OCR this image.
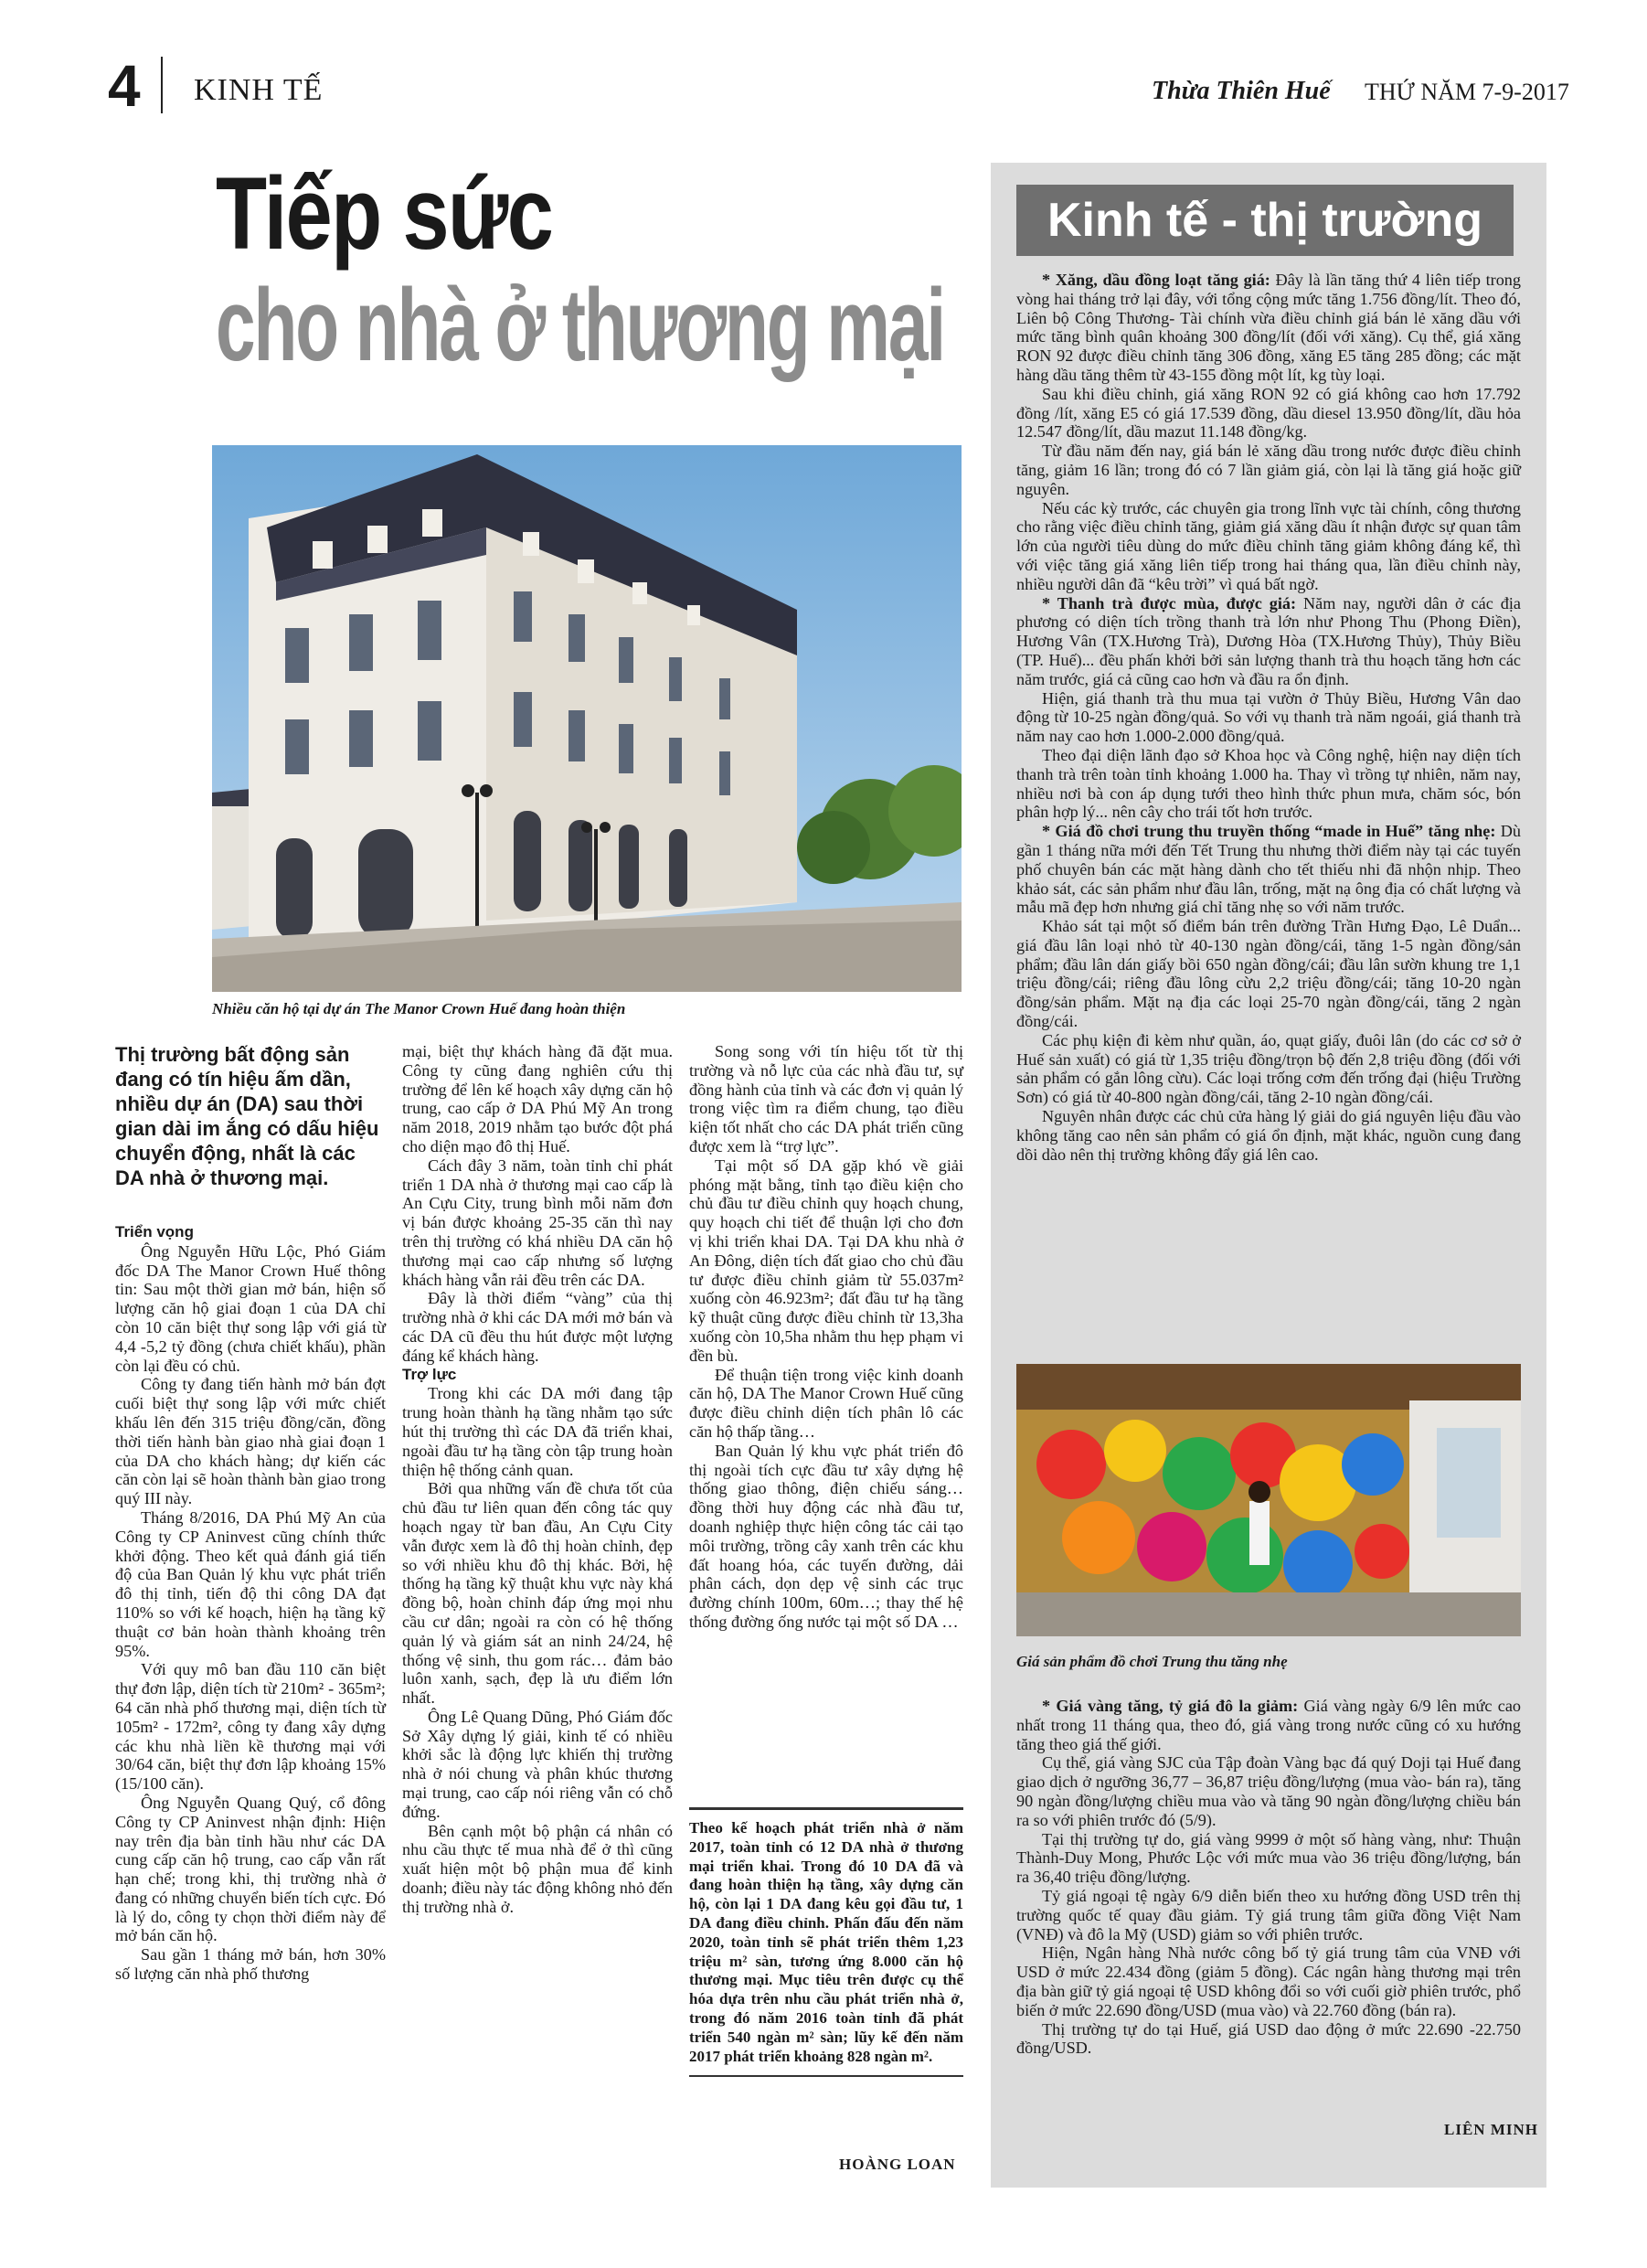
4 KINH TẾ	Thừa Thiên Huế THỨ NĂM 7-9-2017
Tiếp sức
cho nhà ở thương mại
Nhiều căn hộ tại dự án The Manor Crown Huế đang hoàn thiện
Thị trường bất động sản đang có tín hiệu ấm dần, nhiều dự án (DA) sau thời gian dài im ắng có dấu hiệu chuyển động, nhất là các DA nhà ở thương mại.

Triển vọng

Ông Nguyễn Hữu Lộc, Phó Giám đốc DA The Manor Crown Huế thông tin: Sau một thời gian mở bán, hiện số lượng căn hộ giai đoạn 1 của DA chỉ còn 10 căn biệt thự song lập với giá từ 4,4 -5,2 tỷ đồng (chưa chiết khấu), phần còn lại đều có chủ.

Công ty đang tiến hành mở bán đợt cuối biệt thự song lập với mức chiết khấu lên đến 315 triệu đồng/căn, đồng thời tiến hành bàn giao nhà giai đoạn 1 của DA cho khách hàng; dự kiến các căn còn lại sẽ hoàn thành bàn giao trong quý III này.

Tháng 8/2016, DA Phú Mỹ An của Công ty CP Aninvest cũng chính thức khởi động. Theo kết quả đánh giá tiến độ của Ban Quản lý khu vực phát triển đô thị tỉnh, tiến độ thi công DA đạt 110% so với kế hoạch, hiện hạ tầng kỹ thuật cơ bản hoàn thành khoảng trên 95%.

Với quy mô ban đầu 110 căn biệt thự đơn lập, diện tích từ 210m² - 365m²; 64 căn nhà phố thương mại, diện tích từ 105m² - 172m², công ty đang xây dựng các khu nhà liền kề thương mại với 30/64 căn, biệt thự đơn lập khoảng 15% (15/100 căn).

Ông Nguyễn Quang Quý, cổ đông Công ty CP Aninvest nhận định: Hiện nay trên địa bàn tỉnh hầu như các DA cung cấp căn hộ trung, cao cấp vẫn rất hạn chế; trong khi, thị trường nhà ở đang có những chuyển biến tích cực. Đó là lý do, công ty chọn thời điểm này để mở bán căn hộ.

Sau gần 1 tháng mở bán, hơn 30% số lượng căn nhà phố thương

mại, biệt thự khách hàng đã đặt mua. Công ty cũng đang nghiên cứu thị trường để lên kế hoạch xây dựng căn hộ trung, cao cấp ở DA Phú Mỹ An trong năm 2018, 2019 nhằm tạo bước đột phá cho diện mạo đô thị Huế.

Cách đây 3 năm, toàn tỉnh chỉ phát triển 1 DA nhà ở thương mại cao cấp là An Cựu City, trung bình mỗi năm đơn vị bán được khoảng 25-35 căn thì nay trên thị trường có khá nhiều DA căn hộ thương mại cao cấp nhưng số lượng khách hàng vẫn rải đều trên các DA.

Đây là thời điểm “vàng” của thị trường nhà ở khi các DA mới mở bán và các DA cũ đều thu hút được một lượng đáng kể khách hàng.

Trợ lực

Trong khi các DA mới đang tập trung hoàn thành hạ tầng nhằm tạo sức hút thị trường thì các DA đã triển khai, ngoài đầu tư hạ tầng còn tập trung hoàn thiện hệ thống cảnh quan.

Bởi qua những vấn đề chưa tốt của chủ đầu tư liên quan đến công tác quy hoạch ngay từ ban đầu, An Cựu City vẫn được xem là đô thị hoàn chỉnh, đẹp so với nhiều khu đô thị khác. Bởi, hệ thống hạ tầng kỹ thuật khu vực này khá đồng bộ, hoàn chỉnh đáp ứng mọi nhu cầu cư dân; ngoài ra còn có hệ thống quản lý và giám sát an ninh 24/24, hệ thống vệ sinh, thu gom rác… đảm bảo luôn xanh, sạch, đẹp là ưu điểm lớn nhất.

Ông Lê Quang Dũng, Phó Giám đốc Sở Xây dựng lý giải, kinh tế có nhiều khởi sắc là động lực khiến thị trường nhà ở nói chung và phân khúc thương mại trung, cao cấp nói riêng vẫn có chỗ đứng.

Bên cạnh một bộ phận cá nhân có nhu cầu thực tế mua nhà để ở thì cũng xuất hiện một bộ phận mua để kinh doanh; điều này tác động không nhỏ đến thị trường nhà ở.

Song song với tín hiệu tốt từ thị trường và nỗ lực của các nhà đầu tư, sự đồng hành của tỉnh và các đơn vị quản lý trong việc tìm ra điểm chung, tạo điều kiện tốt nhất cho các DA phát triển cũng được xem là “trợ lực”.

Tại một số DA gặp khó về giải phóng mặt bằng, tỉnh tạo điều kiện cho chủ đầu tư điều chỉnh quy hoạch chung, quy hoạch chi tiết để thuận lợi cho đơn vị khi triển khai DA. Tại DA khu nhà ở An Đông, diện tích đất giao cho chủ đầu tư được điều chỉnh giảm từ 55.037m² xuống còn 46.923m²; đất đầu tư hạ tầng kỹ thuật cũng được điều chỉnh từ 13,3ha xuống còn 10,5ha nhằm thu hẹp phạm vi đền bù.

Để thuận tiện trong việc kinh doanh căn hộ, DA The Manor Crown Huế cũng được điều chỉnh diện tích phân lô các căn hộ thấp tầng…

Ban Quản lý khu vực phát triển đô thị ngoài tích cực đầu tư xây dựng hệ thống giao thông, điện chiếu sáng…đồng thời huy động các nhà đầu tư, doanh nghiệp thực hiện công tác cải tạo môi trường, trồng cây xanh trên các khu đất hoang hóa, các tuyến đường, dải phân cách, dọn dẹp vệ sinh các trục đường chính 100m, 60m…; thay thế hệ thống đường ống nước tại một số DA …

Theo kế hoạch phát triển nhà ở năm 2017, toàn tỉnh có 12 DA nhà ở thương mại triển khai. Trong đó 10 DA đã và đang hoàn thiện hạ tầng, xây dựng căn hộ, còn lại 1 DA đang kêu gọi đầu tư, 1 DA đang điều chỉnh. Phấn đấu đến năm 2020, toàn tỉnh sẽ phát triển thêm 1,23 triệu m² sàn, tương ứng 8.000 căn hộ thương mại. Mục tiêu trên được cụ thể hóa dựa trên nhu cầu phát triển nhà ở, trong đó năm 2016 toàn tỉnh đã phát triển 540 ngàn m² sàn; lũy kế đến năm 2017 phát triển khoảng 828 ngàn m².
HOÀNG LOAN
Kinh tế - thị trường

* Xăng, dầu đồng loạt tăng giá: Đây là lần tăng thứ 4 liên tiếp trong vòng hai tháng trở lại đây, với tổng cộng mức tăng 1.756 đồng/lít. Theo đó, Liên bộ Công Thương- Tài chính vừa điều chỉnh giá bán lẻ xăng dầu với mức tăng bình quân khoảng 300 đồng/lít (đối với xăng). Cụ thể, giá xăng RON 92 được điều chỉnh tăng 306 đồng, xăng E5 tăng 285 đồng; các mặt hàng dầu tăng thêm từ 43-155 đồng một lít, kg tùy loại.

Sau khi điều chỉnh, giá xăng RON 92 có giá không cao hơn 17.792 đồng /lít, xăng E5 có giá 17.539 đồng, dầu diesel 13.950 đồng/lít, dầu hỏa 12.547 đồng/lít, dầu mazut 11.148 đồng/kg.

Từ đầu năm đến nay, giá bán lẻ xăng dầu trong nước được điều chỉnh tăng, giảm 16 lần; trong đó có 7 lần giảm giá, còn lại là tăng giá hoặc giữ nguyên.

Nếu các kỳ trước, các chuyên gia trong lĩnh vực tài chính, công thương cho rằng việc điều chỉnh tăng, giảm giá xăng dầu ít nhận được sự quan tâm lớn của người tiêu dùng do mức điều chỉnh tăng giảm không đáng kể, thì với việc tăng giá xăng liên tiếp trong hai tháng qua, lần điều chỉnh này, nhiều người dân đã “kêu trời” vì quá bất ngờ.

* Thanh trà được mùa, được giá: Năm nay, người dân ở các địa phương có diện tích trồng thanh trà lớn như Phong Thu (Phong Điền), Hương Vân (TX.Hương Trà), Dương Hòa (TX.Hương Thủy), Thủy Biều (TP. Huế)... đều phấn khởi bởi sản lượng thanh trà thu hoạch tăng hơn các năm trước, giá cả cũng cao hơn và đầu ra ổn định.

Hiện, giá thanh trà thu mua tại vườn ở Thủy Biều, Hương Vân dao động từ 10-25 ngàn đồng/quả. So với vụ thanh trà năm ngoái, giá thanh trà năm nay cao hơn 1.000-2.000 đồng/quả.

Theo đại diện lãnh đạo sở Khoa học và Công nghệ, hiện nay diện tích thanh trà trên toàn tỉnh khoảng 1.000 ha. Thay vì trồng tự nhiên, năm nay, nhiều nơi bà con áp dụng tưới theo hình thức phun mưa, chăm sóc, bón phân hợp lý... nên cây cho trái tốt hơn trước.

* Giá đồ chơi trung thu truyền thống “made in Huế” tăng nhẹ: Dù gần 1 tháng nữa mới đến Tết Trung thu nhưng thời điểm này tại các tuyến phố chuyên bán các mặt hàng dành cho tết thiếu nhi đã nhộn nhịp. Theo khảo sát, các sản phẩm như đầu lân, trống, mặt nạ ông địa có chất lượng và mẫu mã đẹp hơn nhưng giá chỉ tăng nhẹ so với năm trước.

Khảo sát tại một số điểm bán trên đường Trần Hưng Đạo, Lê Duẩn... giá đầu lân loại nhỏ từ 40-130 ngàn đồng/cái, tăng 1-5 ngàn đồng/sản phẩm; đầu lân dán giấy bồi 650 ngàn đồng/cái; đầu lân sườn khung tre 1,1 triệu đồng/cái; riêng đầu lông cừu 2,2 triệu đồng/cái; tăng 10-20 ngàn đồng/sản phẩm. Mặt nạ địa các loại 25-70 ngàn đồng/cái, tăng 2 ngàn đồng/cái.

Các phụ kiện đi kèm như quần, áo, quạt giấy, đuôi lân (do các cơ sở ở Huế sản xuất) có giá từ 1,35 triệu đồng/trọn bộ đến 2,8 triệu đồng (đối với sản phẩm có gắn lông cừu). Các loại trống cơm đến trống đại (hiệu Trường Sơn) có giá từ 40-800 ngàn đồng/cái, tăng 2-10 ngàn đồng/cái.

Nguyên nhân được các chủ cửa hàng lý giải do giá nguyên liệu đầu vào không tăng cao nên sản phẩm có giá ổn định, mặt khác, nguồn cung đang dồi dào nên thị trường không đẩy giá lên cao.

Giá sản phẩm đồ chơi Trung thu tăng nhẹ

* Giá vàng tăng, tỷ giá đô la giảm: Giá vàng ngày 6/9 lên mức cao nhất trong 11 tháng qua, theo đó, giá vàng trong nước cũng có xu hướng tăng theo giá thế giới.

Cụ thể, giá vàng SJC của Tập đoàn Vàng bạc đá quý Doji tại Huế đang giao dịch ở ngưỡng 36,77 – 36,87 triệu đồng/lượng (mua vào- bán ra), tăng 90 ngàn đồng/lượng chiều mua vào và tăng 90 ngàn đồng/lượng chiều bán ra so với phiên trước đó (5/9).

Tại thị trường tự do, giá vàng 9999 ở một số hàng vàng, như: Thuận Thành-Duy Mong, Phước Lộc với mức mua vào 36 triệu đồng/lượng, bán ra 36,40 triệu đồng/lượng.

Tỷ giá ngoại tệ ngày 6/9 diễn biến theo xu hướng đồng USD trên thị trường quốc tế quay đầu giảm. Tỷ giá trung tâm giữa đồng Việt Nam (VNĐ) và đô la Mỹ (USD) giảm so với phiên trước.

Hiện, Ngân hàng Nhà nước công bố tỷ giá trung tâm của VNĐ với USD ở mức 22.434 đồng (giảm 5 đồng). Các ngân hàng thương mại trên địa bàn giữ tỷ giá ngoại tệ USD không đổi so với cuối giờ phiên trước, phổ biến ở mức 22.690 đồng/USD (mua vào) và 22.760 đồng (bán ra).

Thị trường tự do tại Huế, giá USD dao động ở mức 22.690 -22.750 đồng/USD.

LIÊN MINH
